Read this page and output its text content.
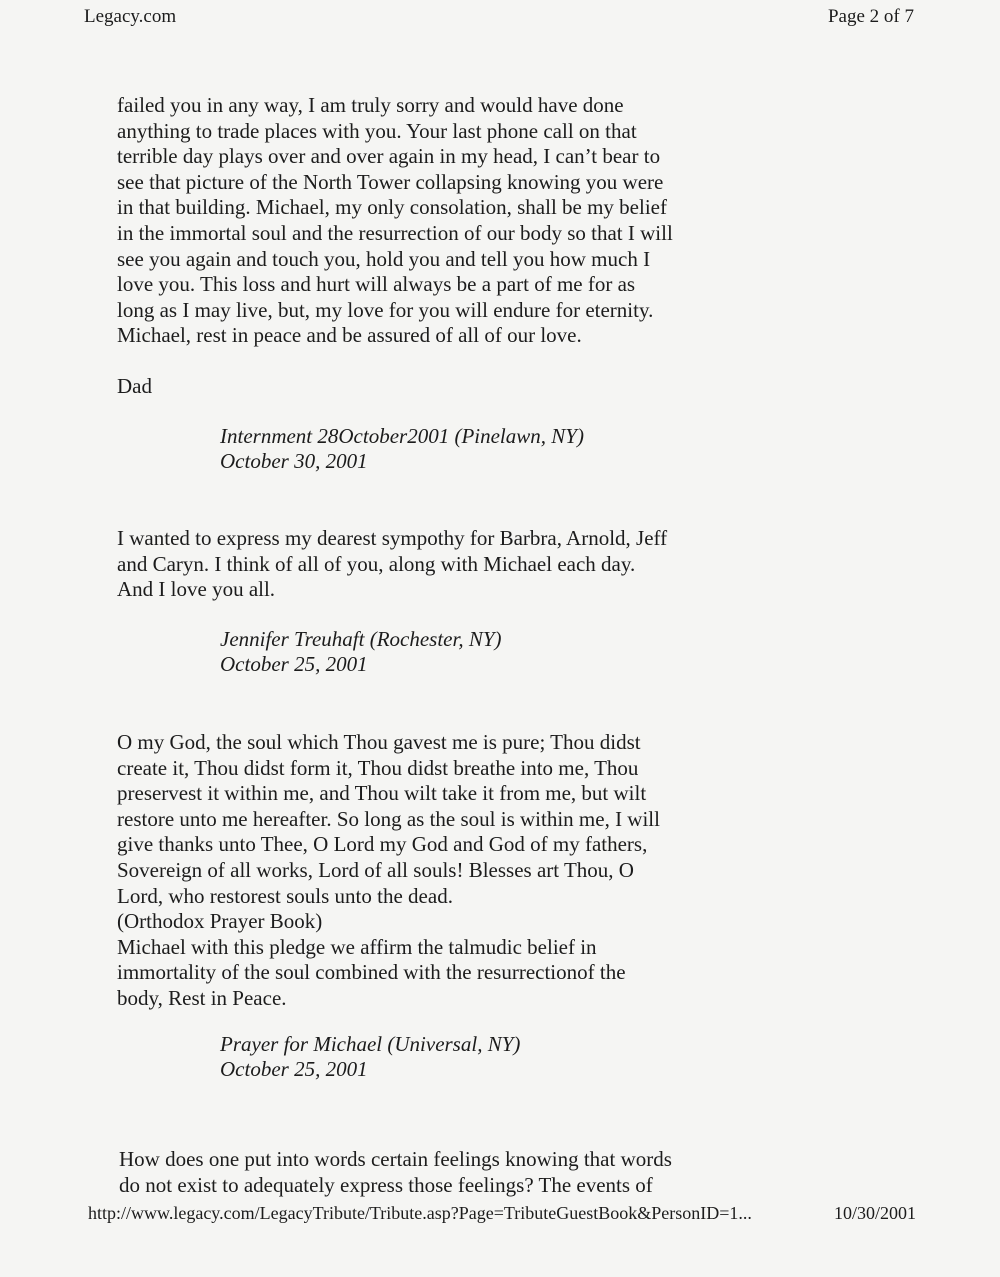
Legacy.com	Page 2 of 7
failed you in any way, I am truly sorry and would have done
anything to trade places with you. Your last phone call on that
terrible day plays over and over again in my head, I can’t bear to
see that picture of the North Tower collapsing knowing you were
in that building. Michael, my only consolation, shall be my belief
in the immortal soul and the resurrection of our body so that I will
see you again and touch you, hold you and tell you how much I
love you. This loss and hurt will always be a part of me for as
long as I may live, but, my love for you will endure for eternity.
Michael, rest in peace and be assured of all of our love.
Dad
Internment 28October2001 (Pinelawn, NY)
October 30, 2001
I wanted to express my dearest sympothy for Barbra, Arnold, Jeff
and Caryn. I think of all of you, along with Michael each day.
And I love you all.
Jennifer Treuhaft (Rochester, NY)
October 25, 2001
O my God, the soul which Thou gavest me is pure; Thou didst
create it, Thou didst form it, Thou didst breathe into me, Thou
preservest it within me, and Thou wilt take it from me, but wilt
restore unto me hereafter. So long as the soul is within me, I will
give thanks unto Thee, O Lord my God and God of my fathers,
Sovereign of all works, Lord of all souls! Blesses art Thou, O
Lord, who restorest souls unto the dead.
(Orthodox Prayer Book)
Michael with this pledge we affirm the talmudic belief in
immortality of the soul combined with the resurrectionof the
body, Rest in Peace.
Prayer for Michael (Universal, NY)
October 25, 2001
How does one put into words certain feelings knowing that words
do not exist to adequately express those feelings? The events of
http://www.legacy.com/LegacyTribute/Tribute.asp?Page=TributeGuestBook&PersonID=1...	10/30/2001
